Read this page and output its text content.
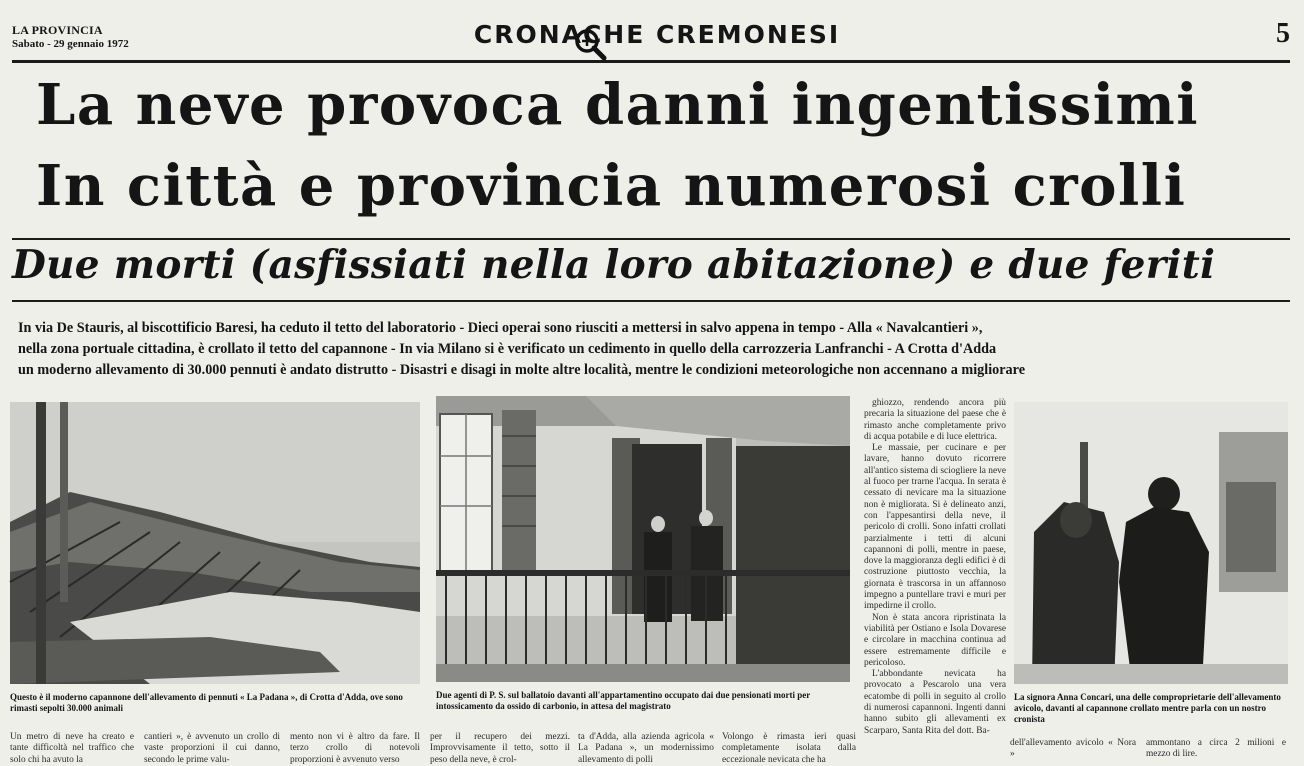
LA PROVINCIA
Sabato - 29 gennaio 1972	CRONACHE CREMONESI	5
La neve provoca danni ingentissimi
In città e provincia numerosi crolli
Due morti (asfissiati nella loro abitazione) e due feriti
In via De Stauris, al biscottificio Baresi, ha ceduto il tetto del laboratorio - Dieci operai sono riusciti a mettersi in salvo appena in tempo - Alla « Navalcantieri »,
nella zona portuale cittadina, è crollato il tetto del capannone - In via Milano si è verificato un cedimento in quello della carrozzeria Lanfranchi - A Crotta d'Adda
un moderno allevamento di 30.000 pennuti è andato distrutto - Disastri e disagi in molte altre località, mentre le condizioni meteorologiche non accennano a migliorare
Questo è il moderno capannone dell'allevamento di pennuti « La Padana », di Crotta d'Adda, ove sono rimasti sepolti 30.000 animali
Due agenti di P. S. sul ballatoio davanti all'appartamentino occupato dai due pensionati morti per intossicamento da ossido di carbonio, in attesa del magistrato

ghiozzo, rendendo ancora più precaria la situazione del paese che è rimasto anche completamente privo di acqua potabile e di luce elettrica.

Le massaie, per cucinare e per lavare, hanno dovuto ricorrere all'antico sistema di sciogliere la neve al fuoco per trarne l'acqua. In serata è cessato di nevicare ma la situazione non è migliorata. Si è delineato anzi, con l'appesantirsi della neve, il pericolo di crolli. Sono infatti crollati parzialmente i tetti di alcuni capannoni di polli, mentre in paese, dove la maggioranza degli edifici è di costruzione piuttosto vecchia, la giornata è trascorsa in un affannoso impegno a puntellare travi e muri per impedirne il crollo.

Non è stata ancora ripristinata la viabilità per Ostiano e Isola Dovarese e circolare in macchina continua ad essere estremamente difficile e pericoloso.

L'abbondante nevicata ha provocato a Pescarolo una vera ecatombe di polli in seguito al crollo di numerosi capannoni. Ingenti danni hanno subito gli allevamenti ex Scarparo, Santa Rita del dott. Ba-

La signora Anna Concari, una delle comproprietarie dell'allevamento avicolo, davanti al capannone crollato mentre parla con un nostro cronista
Un metro di neve ha creato e tante difficoltà nel traffico che solo chi ha avuto la
cantieri », è avvenuto un crollo di vaste proporzioni il cui danno, secondo le prime valu-
mento non vi è altro da fare. Il terzo crollo di notevoli proporzioni è avvenuto verso
per il recupero dei mezzi. Improvvisamente il tetto, sotto il peso della neve, è crol-
ta d'Adda, alla azienda agricola « La Padana », un modernissimo allevamento di polli
Volongo è rimasta ieri quasi completamente isolata dalla eccezionale nevicata che ha
dell'allevamento avicolo « Nora »
ammontano a circa 2 milioni e mezzo di lire.
